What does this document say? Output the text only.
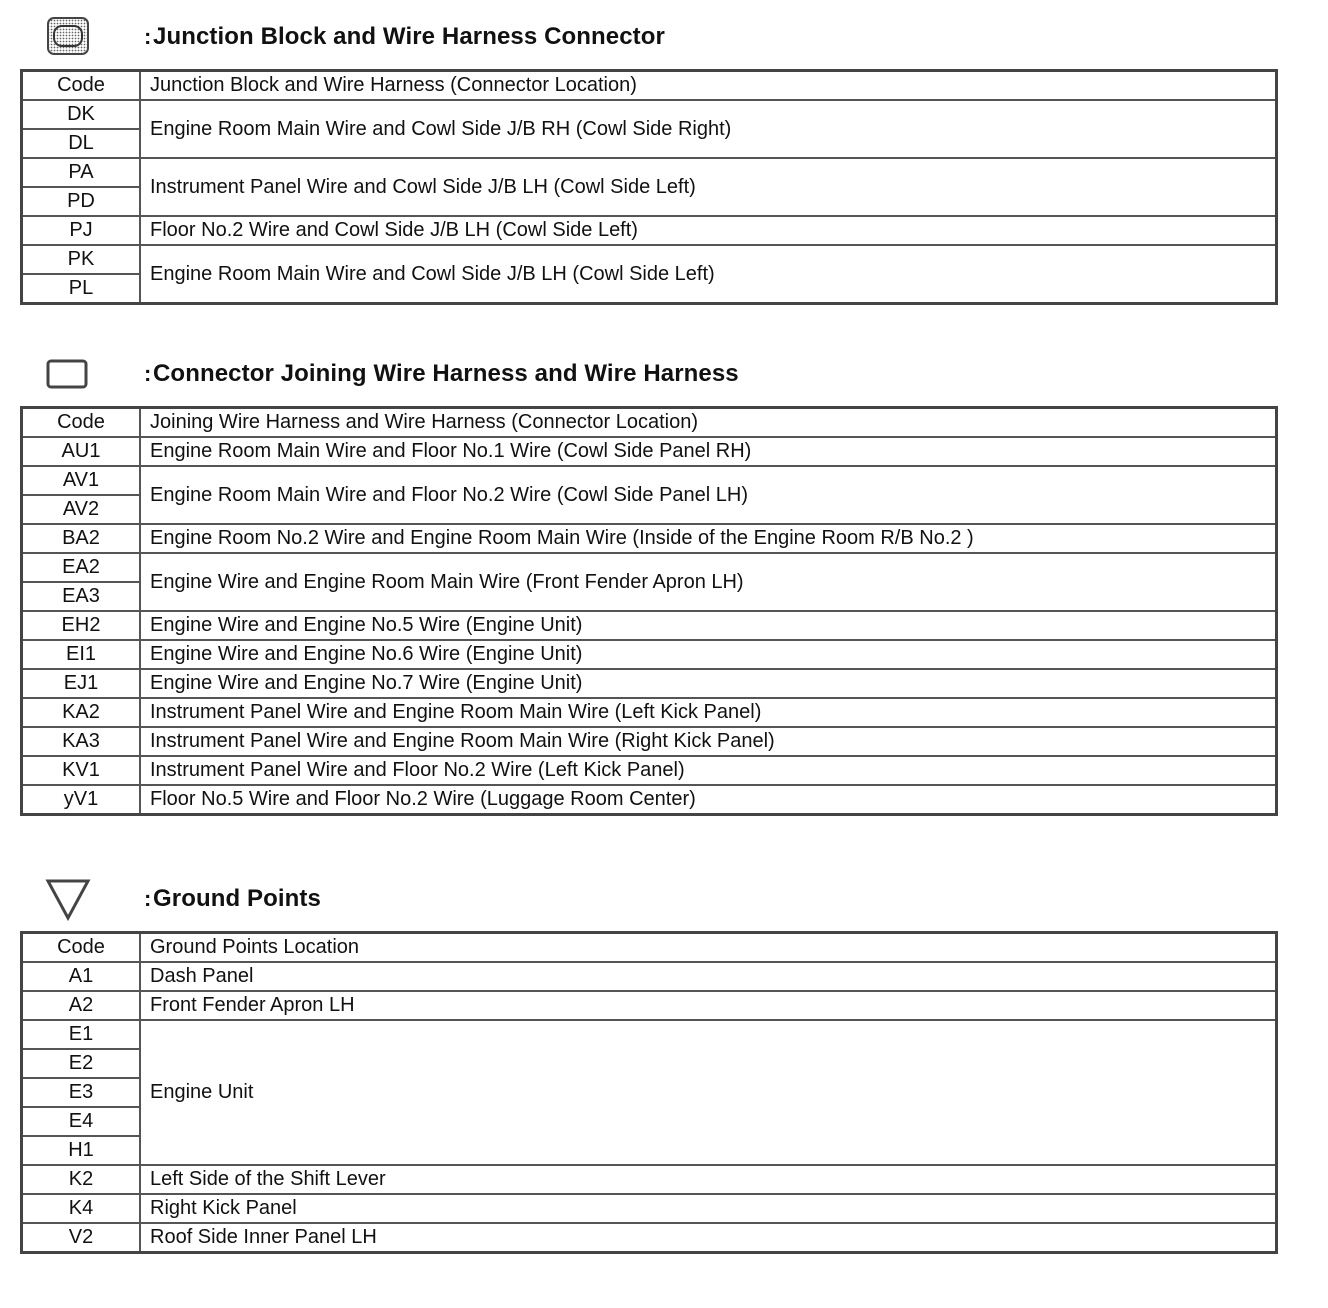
: Junction Block and Wire Harness Connector
Code	Junction Block and Wire Harness (Connector Location)
DK	Engine Room Main Wire and Cowl Side J/B RH (Cowl Side Right)
DL	
PA	Instrument Panel Wire and Cowl Side J/B LH (Cowl Side Left)
PD	
PJ	Floor No.2 Wire and Cowl Side J/B LH (Cowl Side Left)
PK	Engine Room Main Wire and Cowl Side J/B LH (Cowl Side Left)
PL	
: Connector Joining Wire Harness and Wire Harness
Code	Joining Wire Harness and Wire Harness (Connector Location)
AU1	Engine Room Main Wire and Floor No.1 Wire (Cowl Side Panel RH)
AV1	Engine Room Main Wire and Floor No.2 Wire (Cowl Side Panel LH)
AV2	
BA2	Engine Room No.2 Wire and Engine Room Main Wire (Inside of the Engine Room R/B No.2 )
EA2	Engine Wire and Engine Room Main Wire (Front Fender Apron LH)
EA3	
EH2	Engine Wire and Engine No.5 Wire (Engine Unit)
EI1	Engine Wire and Engine No.6 Wire (Engine Unit)
EJ1	Engine Wire and Engine No.7 Wire (Engine Unit)
KA2	Instrument Panel Wire and Engine Room Main Wire (Left Kick Panel)
KA3	Instrument Panel Wire and Engine Room Main Wire (Right Kick Panel)
KV1	Instrument Panel Wire and Floor No.2 Wire (Left Kick Panel)
yV1	Floor No.5 Wire and Floor No.2 Wire (Luggage Room Center)
: Ground Points
Code	Ground Points Location
A1	Dash Panel
A2	Front Fender Apron LH
E1	Engine Unit
E2	
E3	
E4	
H1	
K2	Left Side of the Shift Lever
K4	Right Kick Panel
V2	Roof Side Inner Panel LH
